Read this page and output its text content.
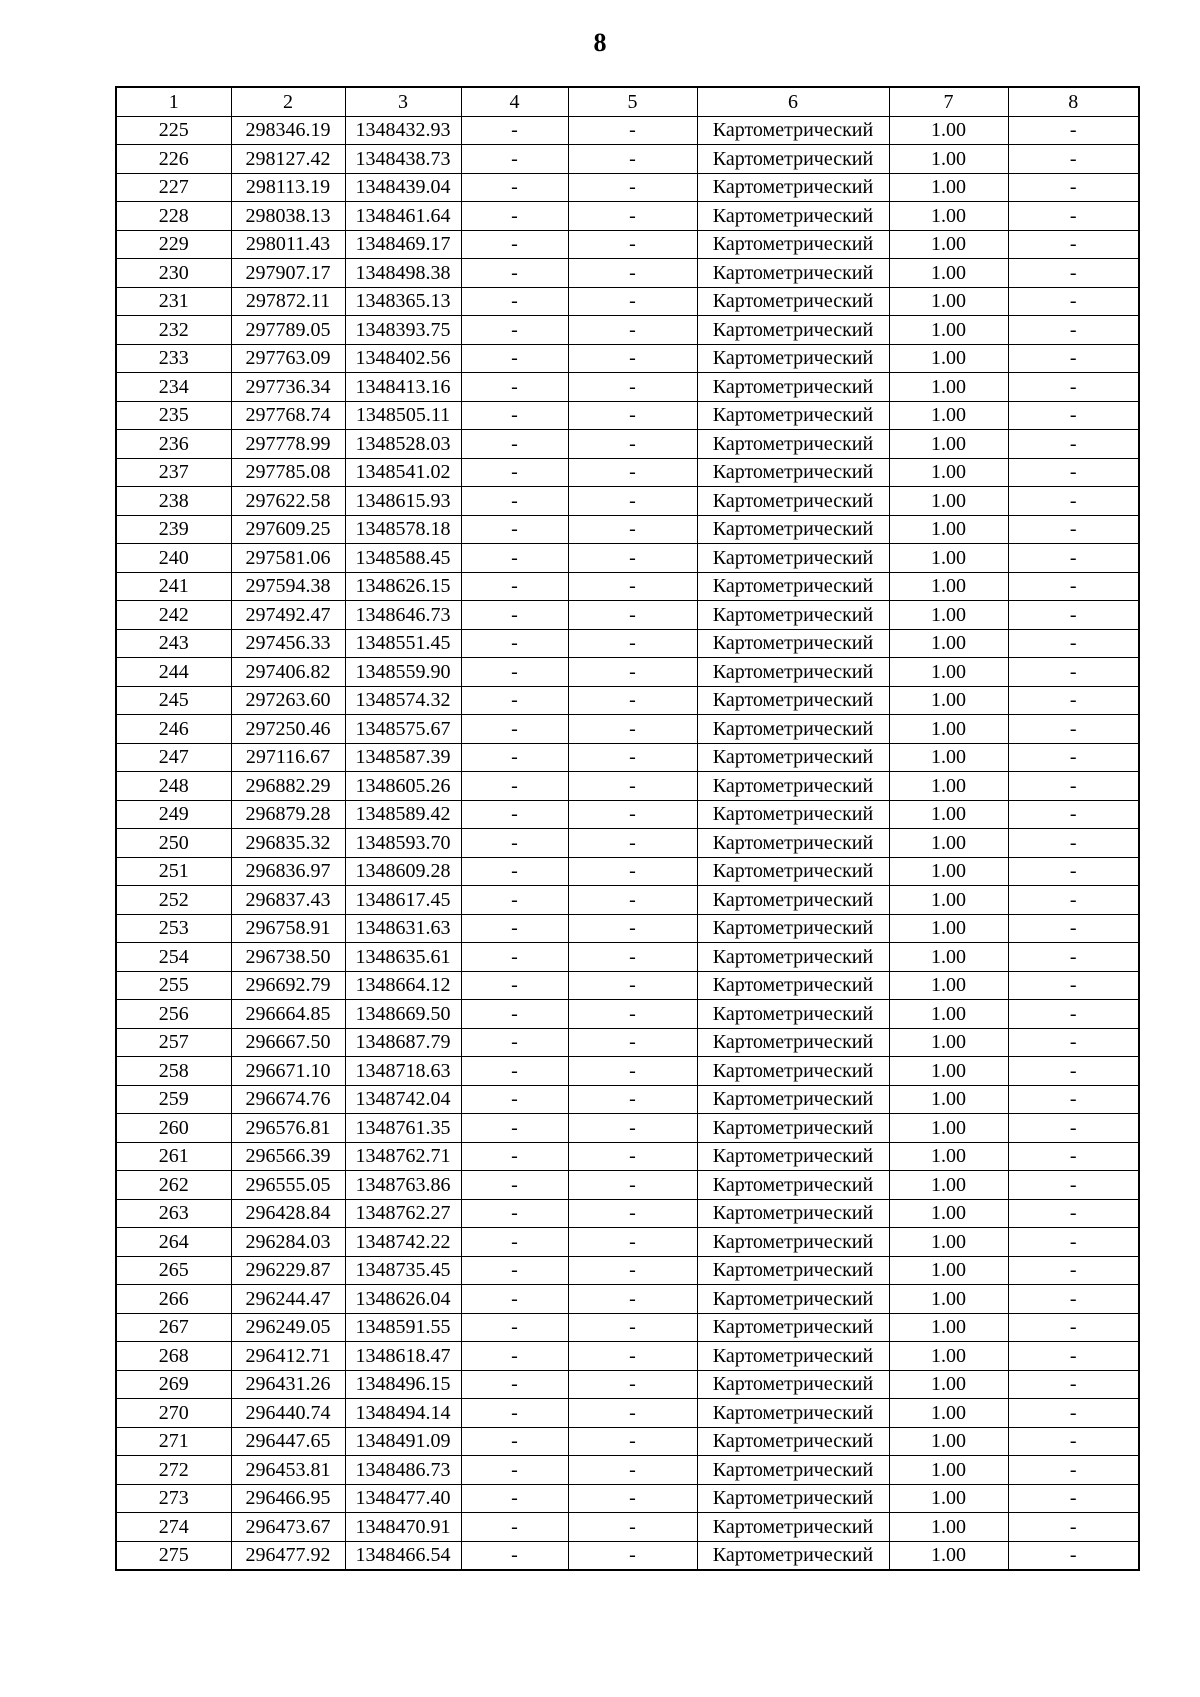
8
1	2	3	4	5	6	7	8
225	298346.19	1348432.93	-	-	Картометрический	1.00	-
226	298127.42	1348438.73	-	-	Картометрический	1.00	-
227	298113.19	1348439.04	-	-	Картометрический	1.00	-
228	298038.13	1348461.64	-	-	Картометрический	1.00	-
229	298011.43	1348469.17	-	-	Картометрический	1.00	-
230	297907.17	1348498.38	-	-	Картометрический	1.00	-
231	297872.11	1348365.13	-	-	Картометрический	1.00	-
232	297789.05	1348393.75	-	-	Картометрический	1.00	-
233	297763.09	1348402.56	-	-	Картометрический	1.00	-
234	297736.34	1348413.16	-	-	Картометрический	1.00	-
235	297768.74	1348505.11	-	-	Картометрический	1.00	-
236	297778.99	1348528.03	-	-	Картометрический	1.00	-
237	297785.08	1348541.02	-	-	Картометрический	1.00	-
238	297622.58	1348615.93	-	-	Картометрический	1.00	-
239	297609.25	1348578.18	-	-	Картометрический	1.00	-
240	297581.06	1348588.45	-	-	Картометрический	1.00	-
241	297594.38	1348626.15	-	-	Картометрический	1.00	-
242	297492.47	1348646.73	-	-	Картометрический	1.00	-
243	297456.33	1348551.45	-	-	Картометрический	1.00	-
244	297406.82	1348559.90	-	-	Картометрический	1.00	-
245	297263.60	1348574.32	-	-	Картометрический	1.00	-
246	297250.46	1348575.67	-	-	Картометрический	1.00	-
247	297116.67	1348587.39	-	-	Картометрический	1.00	-
248	296882.29	1348605.26	-	-	Картометрический	1.00	-
249	296879.28	1348589.42	-	-	Картометрический	1.00	-
250	296835.32	1348593.70	-	-	Картометрический	1.00	-
251	296836.97	1348609.28	-	-	Картометрический	1.00	-
252	296837.43	1348617.45	-	-	Картометрический	1.00	-
253	296758.91	1348631.63	-	-	Картометрический	1.00	-
254	296738.50	1348635.61	-	-	Картометрический	1.00	-
255	296692.79	1348664.12	-	-	Картометрический	1.00	-
256	296664.85	1348669.50	-	-	Картометрический	1.00	-
257	296667.50	1348687.79	-	-	Картометрический	1.00	-
258	296671.10	1348718.63	-	-	Картометрический	1.00	-
259	296674.76	1348742.04	-	-	Картометрический	1.00	-
260	296576.81	1348761.35	-	-	Картометрический	1.00	-
261	296566.39	1348762.71	-	-	Картометрический	1.00	-
262	296555.05	1348763.86	-	-	Картометрический	1.00	-
263	296428.84	1348762.27	-	-	Картометрический	1.00	-
264	296284.03	1348742.22	-	-	Картометрический	1.00	-
265	296229.87	1348735.45	-	-	Картометрический	1.00	-
266	296244.47	1348626.04	-	-	Картометрический	1.00	-
267	296249.05	1348591.55	-	-	Картометрический	1.00	-
268	296412.71	1348618.47	-	-	Картометрический	1.00	-
269	296431.26	1348496.15	-	-	Картометрический	1.00	-
270	296440.74	1348494.14	-	-	Картометрический	1.00	-
271	296447.65	1348491.09	-	-	Картометрический	1.00	-
272	296453.81	1348486.73	-	-	Картометрический	1.00	-
273	296466.95	1348477.40	-	-	Картометрический	1.00	-
274	296473.67	1348470.91	-	-	Картометрический	1.00	-
275	296477.92	1348466.54	-	-	Картометрический	1.00	-
